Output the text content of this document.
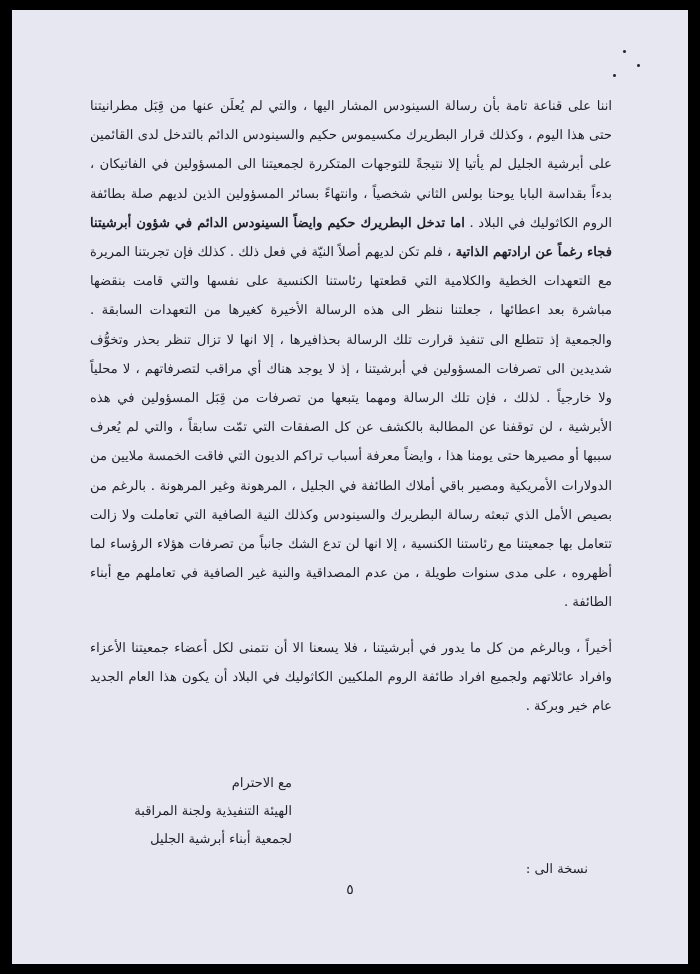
اننا على قناعة تامة بأن رسالة السينودس المشار اليها ، والتي لم يُعلَن عنها من قِبَل مطرانيتنا حتى هذا اليوم ، وكذلك قرار البطريرك مكسيموس حكيم والسينودس الدائم بالتدخل لدى القائمين على أبرشية الجليل لم يأتيا إلا نتيجةً للتوجهات المتكررة لجمعيتنا الى المسؤولين في الفاتيكان ، بدءاً بقداسة البابا يوحنا بولس الثاني شخصياً ، وانتهاءً بسائر المسؤولين الذين لديهم صلة بطائفة الروم الكاثوليك في البلاد . اما تدخل البطريرك حكيم وايضاً السينودس الدائم في شؤون أبرشيتنا فجاء رغماً عن ارادتهم الذاتية ، فلم تكن لديهم أصلاً النيّة في فعل ذلك . كذلك فإن تجربتنا المريرة مع التعهدات الخطية والكلامية التي قطعتها رئاستنا الكنسية على نفسها والتي قامت بنقضها مباشرة بعد اعطائها ، جعلتنا ننظر الى هذه الرسالة الأخيرة كغيرها من التعهدات السابقة . والجمعية إذ تتطلع الى تنفيذ قرارت تلك الرسالة بحذافيرها ، إلا انها لا تزال تنظر بحذر وتخوُّف شديدين الى تصرفات المسؤولين في أبرشيتنا ، إذ لا يوجد هناك أي مراقب لتصرفاتهم ، لا محلياً ولا خارجياً . لذلك ، فإن تلك الرسالة ومهما يتبعها من تصرفات من قِبَل المسؤولين في هذه الأبرشية ، لن توقفنا عن المطالبة بالكشف عن كل الصفقات التي تمّت سابقاً ، والتي لم يُعرف سببها أو مصيرها حتى يومنا هذا ، وايضاً معرفة أسباب تراكم الديون التي فاقت الخمسة ملايين من الدولارات الأمريكية ومصير باقي أملاك الطائفة في الجليل ، المرهونة وغير المرهونة . بالرغم من بصيص الأمل الذي تبعثه رسالة البطريرك والسينودس وكذلك النية الصافية التي تعاملت ولا زالت تتعامل بها جمعيتنا مع رئاستنا الكنسية ، إلا انها لن تدع الشك جانباً من تصرفات هؤلاء الرؤساء لما أظهروه ، على مدى سنوات طويلة ، من عدم المصداقية والنية غير الصافية في تعاملهم مع أبناء الطائفة .

أخيراً ، وبالرغم من كل ما يدور في أبرشيتنا ، فلا يسعنا الا أن نتمنى لكل أعضاء جمعيتنا الأعزاء وافراد عائلاتهم ولجميع افراد طائفة الروم الملكيين الكاثوليك في البلاد أن يكون هذا العام الجديد عام خير وبركة .

مع الاحترام
الهيئة التنفيذية ولجنة المراقبة
لجمعية أبناء أبرشية الجليل
نسخة الى :
٥
